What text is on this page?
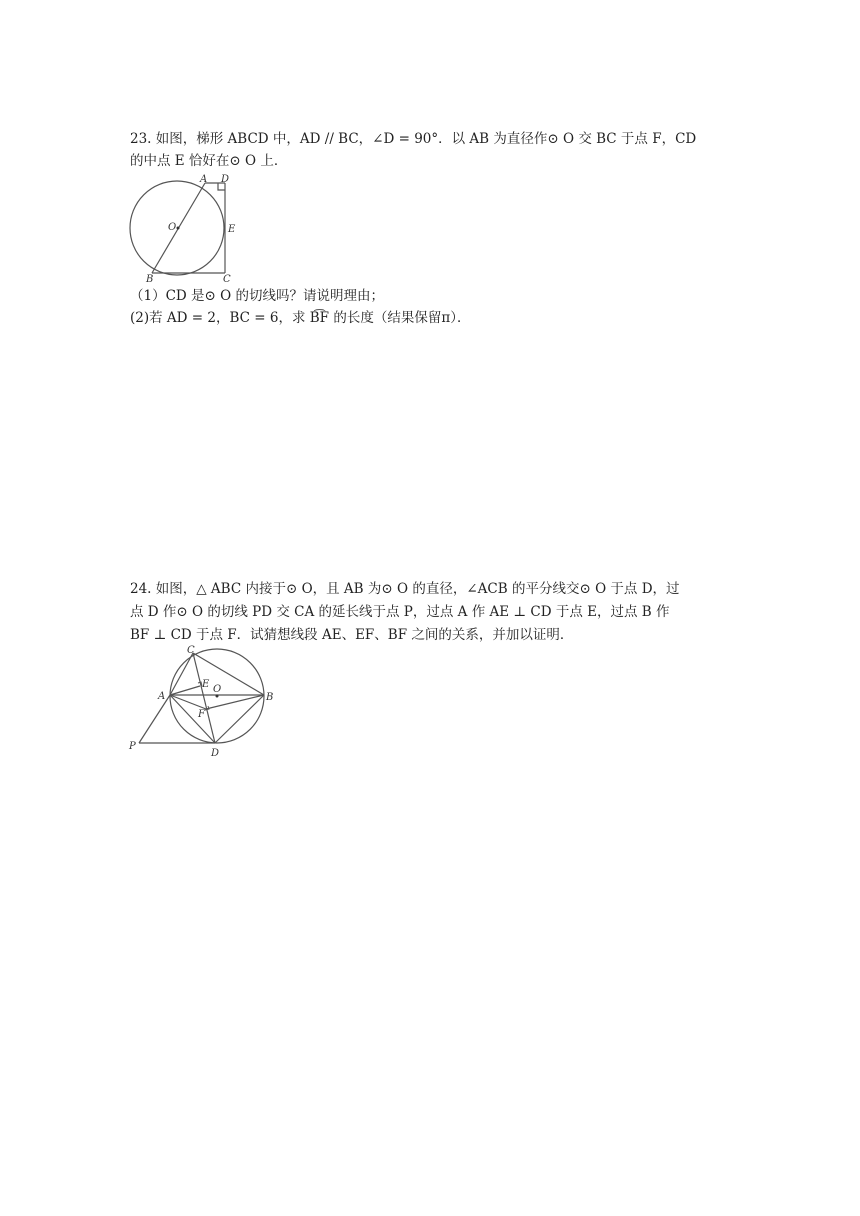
23. 如图，梯形 ABCD 中，AD // BC，∠D = 90°．以 AB 为直径作⊙ O 交 BC 于点 F，CD
的中点 E 恰好在⊙ O 上．
A D
O	E
B	C
（1）CD 是⊙ O 的切线吗？请说明理由；
(2)若 AD = 2，BC = 6，求 B͡F 的长度（结果保留π）．
24. 如图，△ ABC 内接于⊙ O，且 AB 为⊙ O 的直径，∠ACB 的平分线交⊙ O 于点 D，过
点 D 作⊙ O 的切线 PD 交 CA 的延长线于点 P，过点 A 作 AE ⊥ CD 于点 E，过点 B 作
BF ⊥ CD 于点 F．试猜想线段 AE、EF、BF 之间的关系，并加以证明．
C
E O
A	B
F
P
D
